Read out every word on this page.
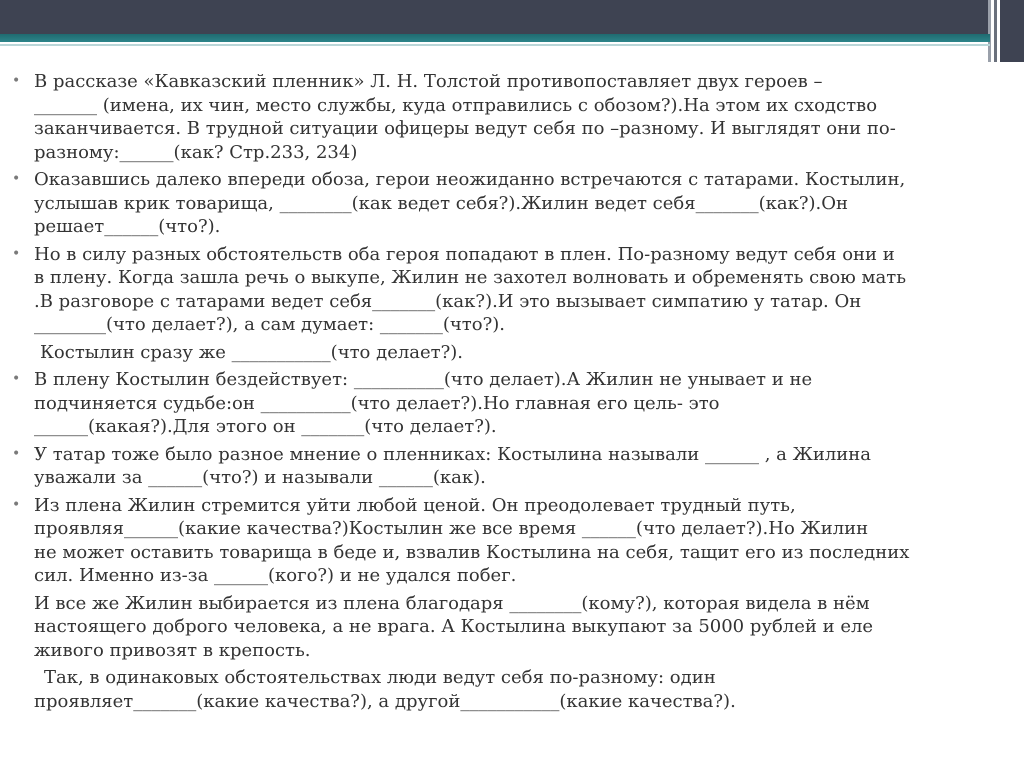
• В рассказе «Кавказский пленник» Л. Н. Толстой противопоставляет двух героев –
_______ (имена, их чин, место службы, куда отправились с обозом?).На этом их сходство
заканчивается. В трудной ситуации офицеры ведут себя по –разному. И выглядят они по-
разному:______(как? Стр.233, 234)
• Оказавшись далеко впереди обоза, герои неожиданно встречаются с татарами. Костылин,
услышав крик товарища, ________(как ведет себя?).Жилин ведет себя_______(как?).Он
решает______(что?).
• Но в силу разных обстоятельств оба героя попадают в плен. По-разному ведут себя они и
в плену. Когда зашла речь о выкупе, Жилин не захотел волновать и обременять свою мать
.В разговоре с татарами ведет себя_______(как?).И это вызывает симпатию у татар. Он
________(что делает?), а сам думает: _______(что?).
Костылин сразу же ___________(что делает?).
• В плену Костылин бездействует: __________(что делает).А Жилин не унывает и не
подчиняется судьбе:он __________(что делает?).Но главная его цель- это
______(какая?).Для этого он _______(что делает?).
• У татар тоже было разное мнение о пленниках: Костылина называли ______ , а Жилина
уважали за ______(что?) и называли ______(как).
• Из плена Жилин стремится уйти любой ценой. Он преодолевает трудный путь,
проявляя______(какие качества?)Костылин же все время ______(что делает?).Но Жилин
не может оставить товарища в беде и, взвалив Костылина на себя, тащит его из последних
сил. Именно из-за ______(кого?) и не удался побег.
И все же Жилин выбирается из плена благодаря ________(кому?), которая видела в нём
настоящего доброго человека, а не врага. А Костылина выкупают за 5000 рублей и еле
живого привозят в крепость.
Так, в одинаковых обстоятельствах люди ведут себя по-разному: один
проявляет_______(какие качества?), а другой___________(какие качества?).
